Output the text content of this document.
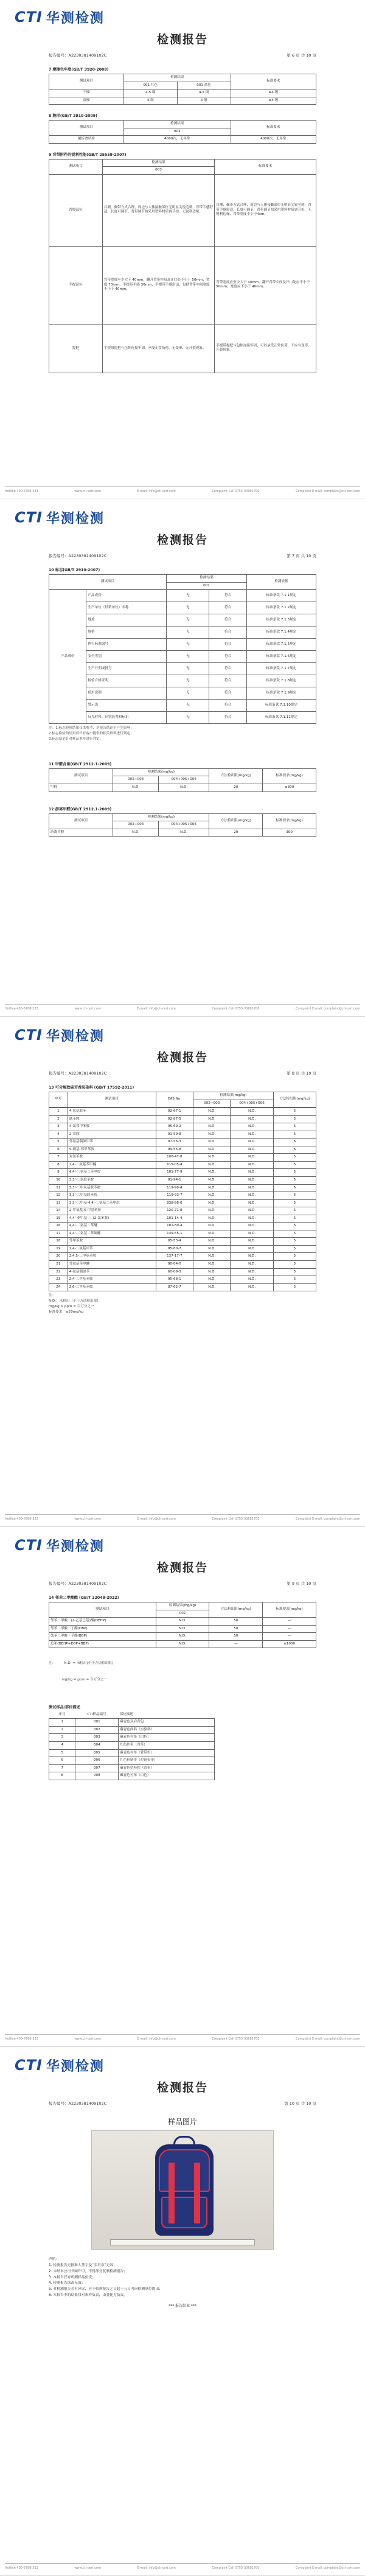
CTI 华测检测
检测报告
报告编号：A2230381409102C	第 6 页 共 10 页
7 摩擦色牢度(GB/T 3920-2008)
测试项目	检测结果		标准要求
	001 红色	001 蓝色	
干摩	4-5 级	4-5 级	≥4 级
湿摩	4 级	4 级	≥3 级
8 脆形(GB/T 2910-2009)
测试项目	检测结果	标准要求
	003	
耐折叠试验	4000次，无异常	4000次，无异常
9 背带附件的锐利性能(GB/T 25558-2007)
测试项目	检测结果	标准要求
	003	
背提部位	目测，佩带方式合理，周边与人体接触部位无明显尖锐毛刺，背带手感舒适，长度可调节，背带调节扣采用塑料材质调节扣，无锐利边缘。	目测，佩带方式合理，周边与人体接触部位无明显尖锐毛刺，背带手感舒适，长度可调节，背带调节扣采用塑料材质调节扣，无锐利边缘，背带宽度不小于4cm。
手提部位	背带宽度至少大于 40mm，翻开背带中间及开口处不小于 50mm，宽度 70mm，手提带手感 30mm，手提带手感舒适，包括背带中间宽度不小于 40mm。	背带宽度应至少大于 40mm，翻开背带中间及开口处应不小于 50mm，宽度应不小于 40mm。
提把	手提带提把与包体连接牢固，承受正常负荷，无变形、无开裂现象。	手提带提把与包体连接牢固，可以承受正常负荷，不应有变形、开裂现象。
Hotline 400-6788-333	www.cti-cert.com	E-mail: info@cti-cert.com	Complaint Call 0755-33681700	Complaint E-mail: complaint@cti-cert.com
CTI 华测检测
检测报告
报告编号：A2230381409102C	第 7 页 共 10 页
10 标志(GB/T 2910-2007)
测试项目		检测结果		检测依据
		001		
产品成份	产品成份	无	符合	标准条款 7.1.1规定
	生产单位（经销单位）名称	无	符合	标准条款 7.1.2规定
	地址	无	符合	标准条款 7.1.3规定
	规格	无	符合	标准条款 7.1.4规定
	执行标准编号	无	符合	标准条款 7.1.5规定
	安全类别	无	符合	标准条款 7.1.6规定
	生产日期或批号	无	符合	标准条款 7.1.7规定
	检验合格证明	无	符合	标准条款 7.1.8规定
	使用说明	无	符合	标准条款 7.1.9规定
	警示语	无	符合	标准条款 7.1.10规定
	反光材料、识别装置和标识	无	符合	标准条款 7.1.11规定
注：1.标志检验结果仅供参考，对报告结论不产生影响；
2.标志检验的结果仅针对客户提供的相关资料进行判定；
3.标志结论针对样品本身进行判定。
11 甲醛含量(GB/T 2912.1-2009)
测试项目	检测结果(mg/kg)		方法检出限(mg/kg)	标准要求(mg/kg)
	002+003	004+005+006		
甲醛	N.D.	N.D.	20	≤300
12 游离甲醛(GB/T 2912.1-2009)
测试项目	检测结果(mg/kg)		方法检出限(mg/kg)	标准要求(mg/kg)
	002+003	004+005+006		
游离甲醛	N.D.	N.D.	20	300
Hotline 400-6788-333	www.cti-cert.com	E-mail: info@cti-cert.com	Complaint Call 0755-33681700	Complaint E-mail: complaint@cti-cert.com
CTI 华测检测
检测报告
报告编号：A2230381409102C	第 8 页 共 10 页
13 可分解致癌芳香胺染料 (GB/T 17592-2011)
序号	测试项目	CAS No.	检测结果(mg/kg)		方法检出限(mg/kg)
			002+003	004+005+006	
1	4-氨基联苯	92-67-1	N.D.	N.D.	5
2	联苯胺	92-87-5	N.D.	N.D.	5
3	4-氯邻甲苯胺	95-69-2	N.D.	N.D.	5
4	2-萘胺	91-59-8	N.D.	N.D.	5
5	邻氨基偶氮甲苯	97-56-3	N.D.	N.D.	5
6	5-硝基-邻甲苯胺	99-55-8	N.D.	N.D.	5
7	对氯苯胺	106-47-8	N.D.	N.D.	5
8	2,4-二氨基苯甲醚	615-05-4	N.D.	N.D.	5
9	4,4'-二氨基二苯甲烷	101-77-9	N.D.	N.D.	5
10	3,3'-二氯联苯胺	91-94-1	N.D.	N.D.	5
11	3,3'-二甲氧基联苯胺	119-90-4	N.D.	N.D.	5
12	3,3'-二甲基联苯胺	119-93-7	N.D.	N.D.	5
13	3,3'-二甲基-4,4'-二氨基二苯甲烷	838-88-0	N.D.	N.D.	5
14	2-甲氧基-5-甲基苯胺	120-71-8	N.D.	N.D.	5
15	4,4'-亚甲基-二-(2-氯苯胺)	101-14-4	N.D.	N.D.	5
16	4,4'-二氨基二苯醚	101-80-4	N.D.	N.D.	5
17	4,4'-二氨基二苯硫醚	139-65-1	N.D.	N.D.	5
18	邻甲苯胺	95-53-4	N.D.	N.D.	5
19	2,4-二氨基甲苯	95-80-7	N.D.	N.D.	5
20	2,4,5-三甲基苯胺	137-17-7	N.D.	N.D.	5
21	邻氨基苯甲醚	90-04-0	N.D.	N.D.	5
22	4-氨基偶氮苯	60-09-3	N.D.	N.D.	5
23	2,4-二甲基苯胺	95-68-1	N.D.	N.D.	5
24	2,6-二甲基苯胺	87-62-7	N.D.	N.D.	5
注：
N.D.：未检出（小于方法检出限）
mg/kg = ppm = 百万分之一
标准要求：≤20mg/kg
Hotline 400-6788-333	www.cti-cert.com	E-mail: info@cti-cert.com	Complaint Call 0755-33681700	Complaint E-mail: complaint@cti-cert.com
CTI 华测检测
检测报告
报告编号：A2230381409102C	第 9 页 共 10 页
14 邻苯二甲酸酯 (GB/T 22048-2022)
测试项目	检测结果(mg/kg)	方法检出限(mg/kg)	标准要求(mg/kg)
	007		
邻苯二甲酸二(2-乙基己基)酯(DEHP)	N.D.	50	—
邻苯二甲酸二丁酯(DBP)	N.D.	50	—
邻苯二甲酸丁苄酯(BBP)	N.D.	50	—
总和(DEHP+DBP+BBP)	N.D.	—	≤1000

注：        N.D. = 未检出(小于方法检出限)

mg/kg = ppm = 百万分之一

测试样品/部位描述
序号	CTI样品编号	部位描述
1	001	藏青色双肩背包
2	002	藏青色面料（实验料）
3	003	藏青色衬布（白色）
4	004	红色织带（背带）
5	005	藏青色衬布（背带里）
6	006	红色拉链带（拉链布带）
7	007	藏青色塑料扣（背带）
8	008	藏青色衬布（白色）
Hotline 400-6788-333	www.cti-cert.com	E-mail: info@cti-cert.com	Complaint Call 0755-33681700	Complaint E-mail: complaint@cti-cert.com
CTI 华测检测
检测报告
报告编号：A2230381409102C	第 10 页 共 10 页
样品图片
声明：
1. 检测报告无批准人签字及“专用章”无效；
2. 未经本公司书面许可，不得部分复制检测报告；
3. 本报告仅对所测样品负责；
4. 检测报告涂改无效；
5. 对检测报告若有异议，应于收到报告之日起十五日内向检测单位提出；
6. 本报告中的结果仅对来样负责，由委托方负责。
*** 报告结束 ***
Hotline 400-6788-333	www.cti-cert.com	E-mail: info@cti-cert.com	Complaint Call 0755-33681700	Complaint E-mail: complaint@cti-cert.com
